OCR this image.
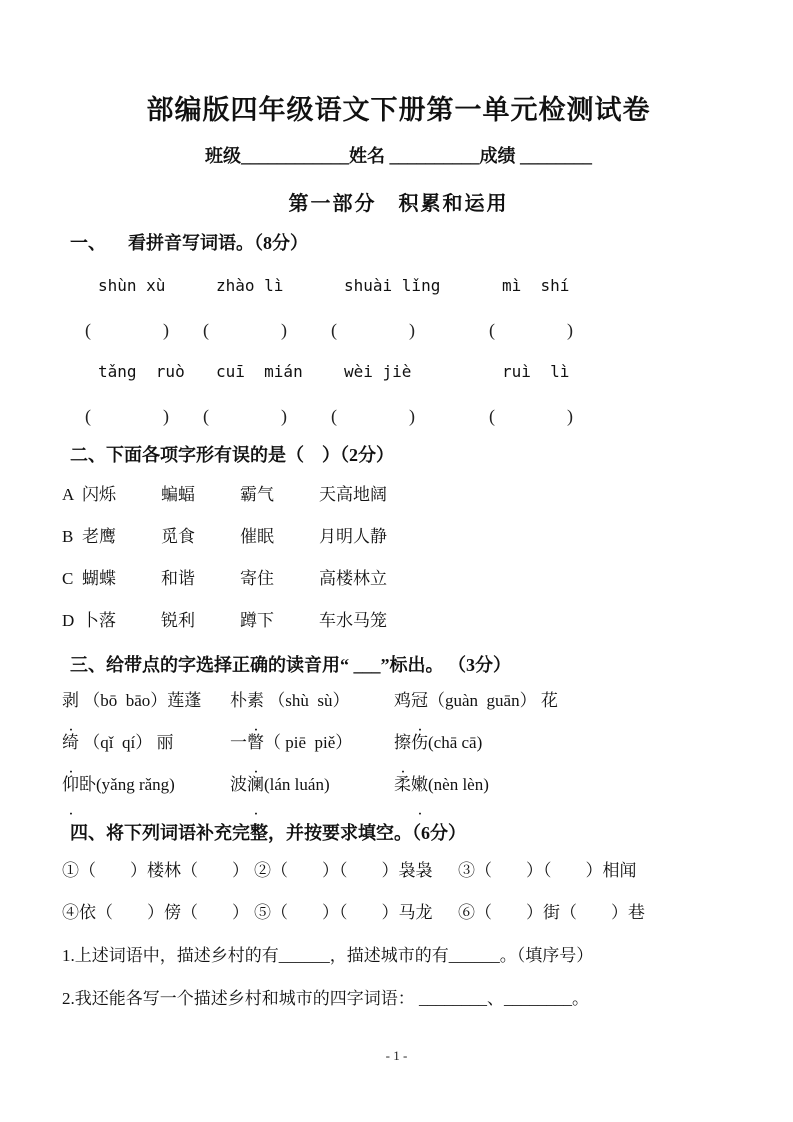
部编版四年级语文下册第一单元检测试卷
班级____________姓名 __________成绩 ________
第一部分　积累和运用
一、 看拼音写词语。（8分）
shùn xù	zhào lì	shuài lǐng	mì  shí
(　　　　)	(　　　　)	(　　　　)	(　　　　)
tǎng  ruò	cuī  mián	wèi jiè	ruì  lì
(　　　　)	(　　　　)	(　　　　)	(　　　　)
二、下面各项字形有误的是（　）（2分）
A 闪烁	蝙蝠	霸气	天高地阔
B 老鹰	觅食	催眠	月明人静
C 蝴蝶	和谐	寄住	高楼林立
D 卜落	锐利	蹲下	车水马笼
三、给带点的字选择正确的读音用“ ___”标出。 （3分）
剥 ● （bō  bāo）莲蓬	朴素 ● （shù  sù）	鸡冠 ●（guàn  guān） 花
绮 ● （qǐ  qí） 丽	一瞥 ●（ piē  piě）	擦 ●伤(chā cā)
仰 ●卧(yǎng rǎng)	波澜 ●(lán luán)	柔嫩 ●(nèn lèn)
四、将下列词语补充完整，并按要求填空。（6分）
①（　　）楼林（　　） ②（　　）（　　）袅袅	③（　　）（　　）相闻
④依（　　）傍（　　） ⑤（　　）（　　）马龙	⑥（　　）街（　　）巷
1.上述词语中，描述乡村的有______，描述城市的有______。（填序号）
2.我还能各写一个描述乡村和城市的四字词语： ________、________。
- 1 -
